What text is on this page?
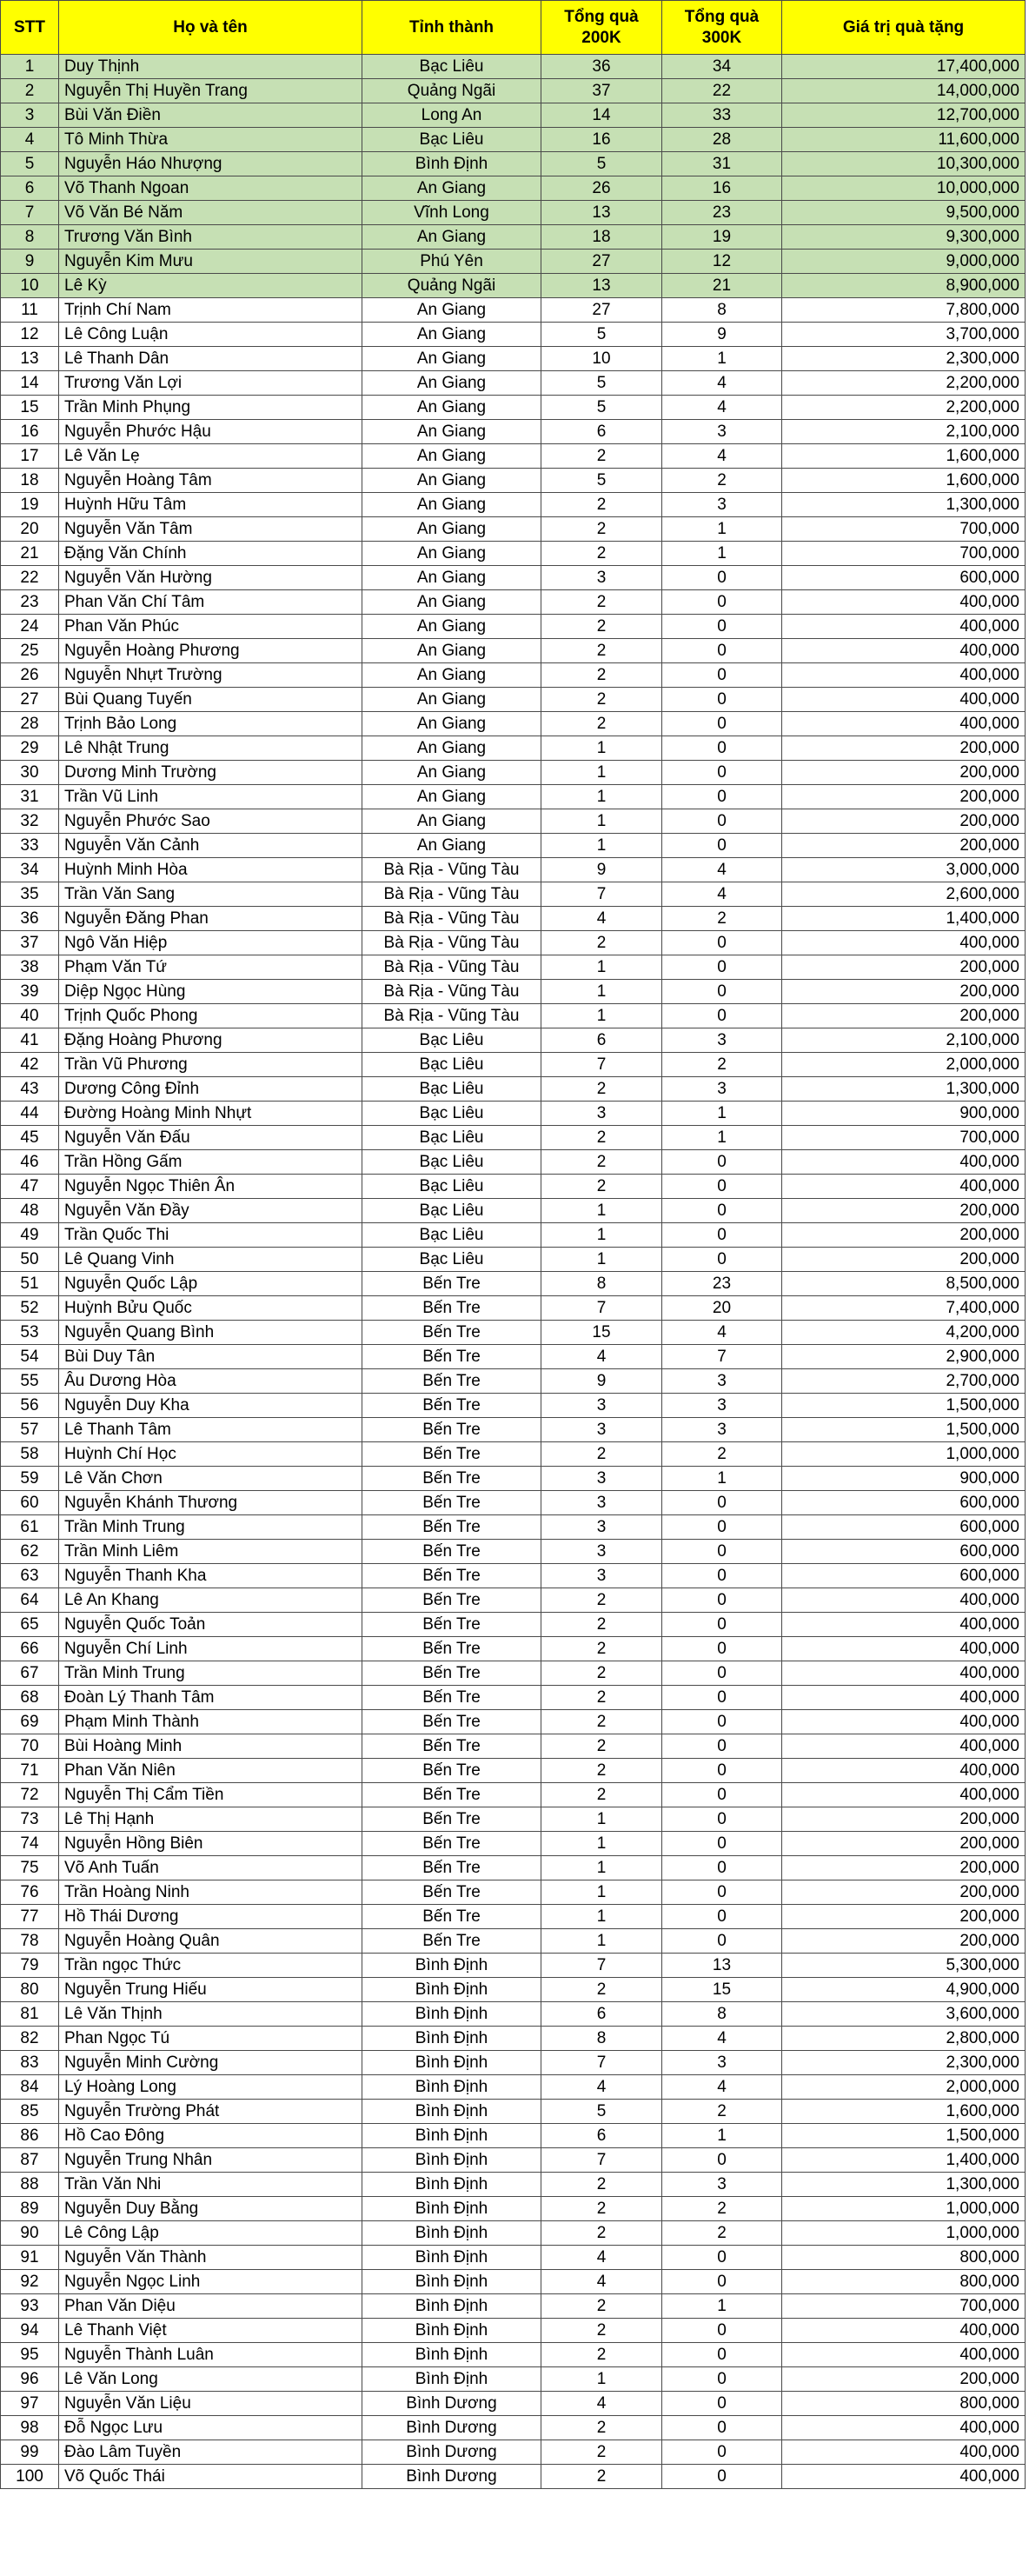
STT	Họ và tên	Tỉnh thành	Tổng quà 200K	Tổng quà 300K	Giá trị quà tặng
1	Duy Thịnh	Bạc Liêu	36	34	17,400,000
2	Nguyễn Thị Huyền Trang	Quảng Ngãi	37	22	14,000,000
3	Bùi Văn Điền	Long An	14	33	12,700,000
4	Tô Minh Thừa	Bạc Liêu	16	28	11,600,000
5	Nguyễn Háo Nhượng	Bình Định	5	31	10,300,000
6	Võ Thanh Ngoan	An Giang	26	16	10,000,000
7	Võ Văn Bé Năm	Vĩnh Long	13	23	9,500,000
8	Trương Văn Bình	An Giang	18	19	9,300,000
9	Nguyễn Kim Mưu	Phú Yên	27	12	9,000,000
10	Lê Kỳ	Quảng Ngãi	13	21	8,900,000
11	Trịnh Chí Nam	An Giang	27	8	7,800,000
12	Lê Công Luận	An Giang	5	9	3,700,000
13	Lê Thanh Dân	An Giang	10	1	2,300,000
14	Trương Văn Lợi	An Giang	5	4	2,200,000
15	Trần Minh Phụng	An Giang	5	4	2,200,000
16	Nguyễn Phước Hậu	An Giang	6	3	2,100,000
17	Lê Văn Lẹ	An Giang	2	4	1,600,000
18	Nguyễn Hoàng Tâm	An Giang	5	2	1,600,000
19	Huỳnh Hữu Tâm	An Giang	2	3	1,300,000
20	Nguyễn Văn Tâm	An Giang	2	1	700,000
21	Đặng Văn Chính	An Giang	2	1	700,000
22	Nguyễn Văn Hường	An Giang	3	0	600,000
23	Phan Văn Chí Tâm	An Giang	2	0	400,000
24	Phan Văn Phúc	An Giang	2	0	400,000
25	Nguyễn Hoàng Phương	An Giang	2	0	400,000
26	Nguyễn Nhựt Trường	An Giang	2	0	400,000
27	Bùi Quang Tuyến	An Giang	2	0	400,000
28	Trịnh Bảo Long	An Giang	2	0	400,000
29	Lê Nhật Trung	An Giang	1	0	200,000
30	Dương Minh Trường	An Giang	1	0	200,000
31	Trần Vũ Linh	An Giang	1	0	200,000
32	Nguyễn Phước Sao	An Giang	1	0	200,000
33	Nguyễn Văn Cảnh	An Giang	1	0	200,000
34	Huỳnh Minh Hòa	Bà Rịa - Vũng Tàu	9	4	3,000,000
35	Trần Văn Sang	Bà Rịa - Vũng Tàu	7	4	2,600,000
36	Nguyễn Đăng Phan	Bà Rịa - Vũng Tàu	4	2	1,400,000
37	Ngô Văn Hiệp	Bà Rịa - Vũng Tàu	2	0	400,000
38	Phạm Văn Tứ	Bà Rịa - Vũng Tàu	1	0	200,000
39	Diệp Ngọc Hùng	Bà Rịa - Vũng Tàu	1	0	200,000
40	Trịnh Quốc Phong	Bà Rịa - Vũng Tàu	1	0	200,000
41	Đặng Hoàng Phương	Bạc Liêu	6	3	2,100,000
42	Trần Vũ Phương	Bạc Liêu	7	2	2,000,000
43	Dương Công Đỉnh	Bạc Liêu	2	3	1,300,000
44	Đường Hoàng Minh Nhựt	Bạc Liêu	3	1	900,000
45	Nguyễn Văn Đấu	Bạc Liêu	2	1	700,000
46	Trần Hồng Gấm	Bạc Liêu	2	0	400,000
47	Nguyễn Ngọc Thiên Ân	Bạc Liêu	2	0	400,000
48	Nguyễn Văn Đầy	Bạc Liêu	1	0	200,000
49	Trần Quốc Thi	Bạc Liêu	1	0	200,000
50	Lê Quang Vinh	Bạc Liêu	1	0	200,000
51	Nguyễn Quốc Lập	Bến Tre	8	23	8,500,000
52	Huỳnh Bửu Quốc	Bến Tre	7	20	7,400,000
53	Nguyễn Quang Bình	Bến Tre	15	4	4,200,000
54	Bùi Duy Tân	Bến Tre	4	7	2,900,000
55	Âu Dương Hòa	Bến Tre	9	3	2,700,000
56	Nguyễn Duy Kha	Bến Tre	3	3	1,500,000
57	Lê Thanh Tâm	Bến Tre	3	3	1,500,000
58	Huỳnh Chí Học	Bến Tre	2	2	1,000,000
59	Lê Văn Chơn	Bến Tre	3	1	900,000
60	Nguyễn Khánh Thương	Bến Tre	3	0	600,000
61	Trần Minh Trung	Bến Tre	3	0	600,000
62	Trần Minh Liêm	Bến Tre	3	0	600,000
63	Nguyễn Thanh Kha	Bến Tre	3	0	600,000
64	Lê An Khang	Bến Tre	2	0	400,000
65	Nguyễn Quốc Toản	Bến Tre	2	0	400,000
66	Nguyễn Chí Linh	Bến Tre	2	0	400,000
67	Trần Minh Trung	Bến Tre	2	0	400,000
68	Đoàn Lý Thanh Tâm	Bến Tre	2	0	400,000
69	Phạm Minh Thành	Bến Tre	2	0	400,000
70	Bùi Hoàng Minh	Bến Tre	2	0	400,000
71	Phan Văn Niên	Bến Tre	2	0	400,000
72	Nguyễn Thị Cẩm Tiền	Bến Tre	2	0	400,000
73	Lê Thị Hạnh	Bến Tre	1	0	200,000
74	Nguyễn Hồng Biên	Bến Tre	1	0	200,000
75	Võ Anh Tuấn	Bến Tre	1	0	200,000
76	Trần Hoàng Ninh	Bến Tre	1	0	200,000
77	Hồ Thái Dương	Bến Tre	1	0	200,000
78	Nguyễn Hoàng Quân	Bến Tre	1	0	200,000
79	Trần ngọc Thức	Bình Định	7	13	5,300,000
80	Nguyễn Trung Hiếu	Bình Định	2	15	4,900,000
81	Lê Văn Thịnh	Bình Định	6	8	3,600,000
82	Phan Ngọc Tú	Bình Định	8	4	2,800,000
83	Nguyễn Minh Cường	Bình Định	7	3	2,300,000
84	Lý Hoàng Long	Bình Định	4	4	2,000,000
85	Nguyễn Trường Phát	Bình Định	5	2	1,600,000
86	Hồ Cao Đông	Bình Định	6	1	1,500,000
87	Nguyễn Trung Nhân	Bình Định	7	0	1,400,000
88	Trần Văn Nhi	Bình Định	2	3	1,300,000
89	Nguyễn Duy Bằng	Bình Định	2	2	1,000,000
90	Lê Công Lập	Bình Định	2	2	1,000,000
91	Nguyễn Văn Thành	Bình Định	4	0	800,000
92	Nguyễn Ngọc Linh	Bình Định	4	0	800,000
93	Phan Văn Diệu	Bình Định	2	1	700,000
94	Lê Thanh Việt	Bình Định	2	0	400,000
95	Nguyễn Thành Luân	Bình Định	2	0	400,000
96	Lê Văn Long	Bình Định	1	0	200,000
97	Nguyễn Văn Liệu	Bình Dương	4	0	800,000
98	Đỗ Ngọc Lưu	Bình Dương	2	0	400,000
99	Đào Lâm Tuyền	Bình Dương	2	0	400,000
100	Võ Quốc Thái	Bình Dương	2	0	400,000
